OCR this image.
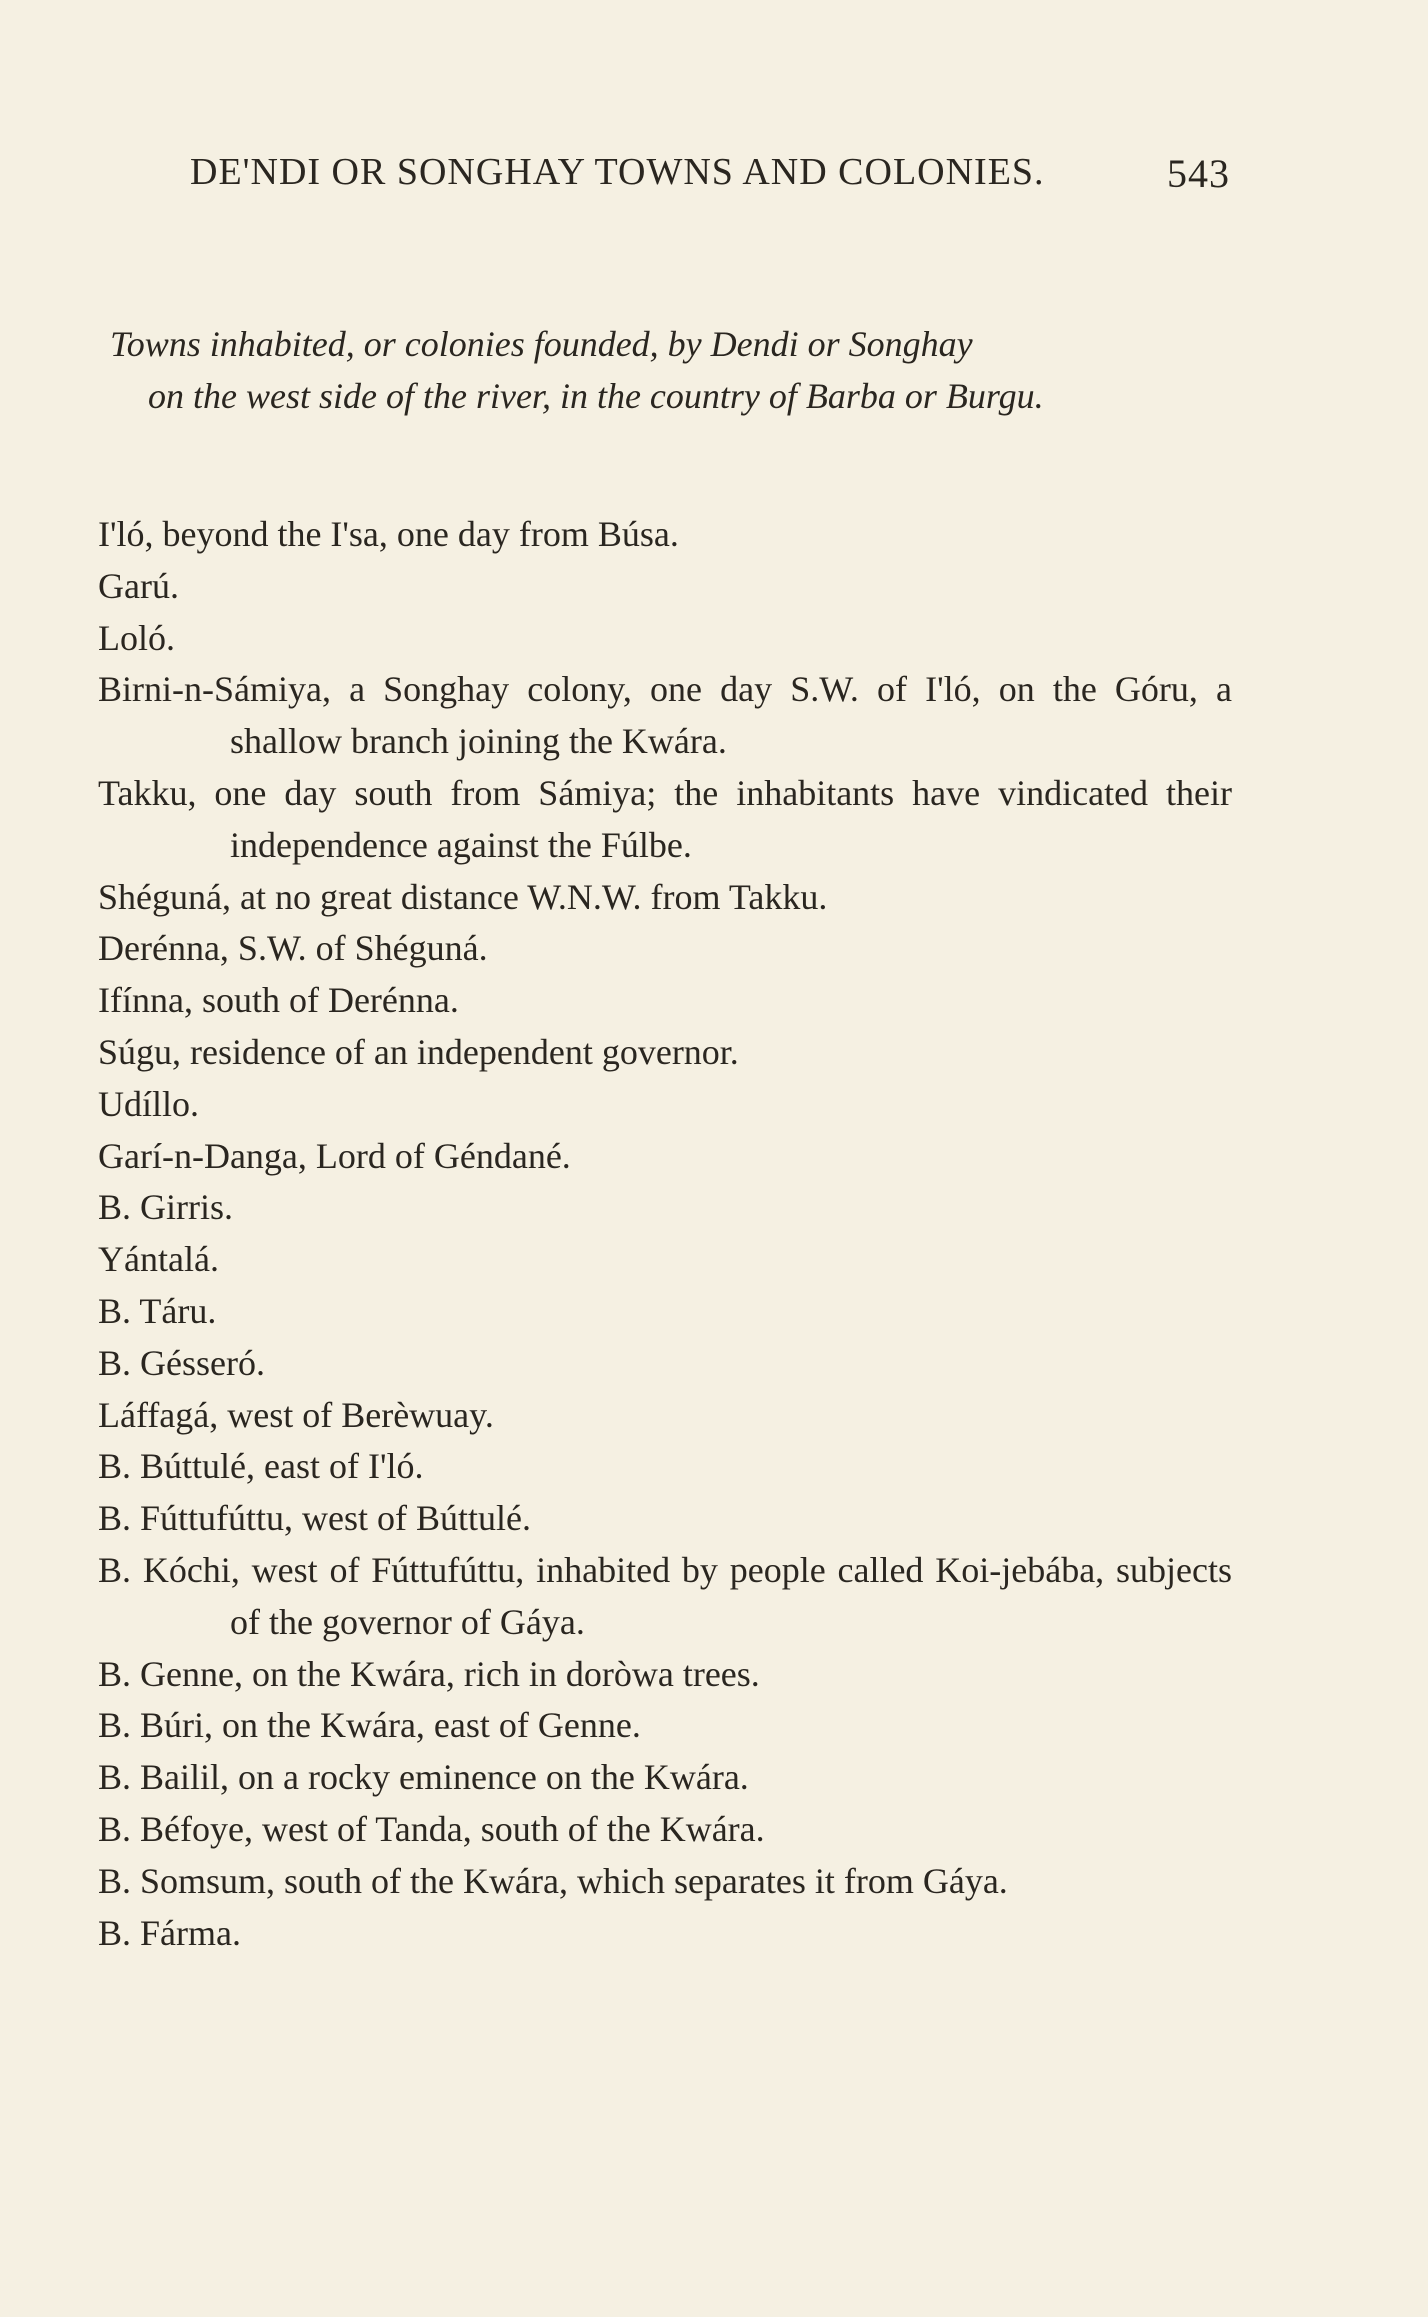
DE'NDI OR SONGHAY TOWNS AND COLONIES.	543
Towns inhabited, or colonies founded, by Dendi or Songhay
on the west side of the river, in the country of Barba or Burgu.
I'ló, beyond the I'sa, one day from Búsa.
Garú.
Loló.
Birni-n-Sámiya, a Songhay colony, one day S.W. of I'ló, on the Góru, a shallow branch joining the Kwára.
Takku, one day south from Sámiya; the inhabitants have vindicated their independence against the Fúlbe.
Shéguná, at no great distance W.N.W. from Takku.
Derénna, S.W. of Shéguná.
Ifínna, south of Derénna.
Súgu, residence of an independent governor.
Udíllo.
Garí-n-Danga, Lord of Géndané.
B. Girris.
Yántalá.
B. Táru.
B. Gésseró.
Láffagá, west of Berèwuay.
B. Búttulé, east of I'ló.
B. Fúttufúttu, west of Búttulé.
B. Kóchi, west of Fúttufúttu, inhabited by people called Koi-jebába, subjects of the governor of Gáya.
B. Genne, on the Kwára, rich in doròwa trees.
B. Búri, on the Kwára, east of Genne.
B. Bailil, on a rocky eminence on the Kwára.
B. Béfoye, west of Tanda, south of the Kwára.
B. Somsum, south of the Kwára, which separates it from Gáya.
B. Fárma.
